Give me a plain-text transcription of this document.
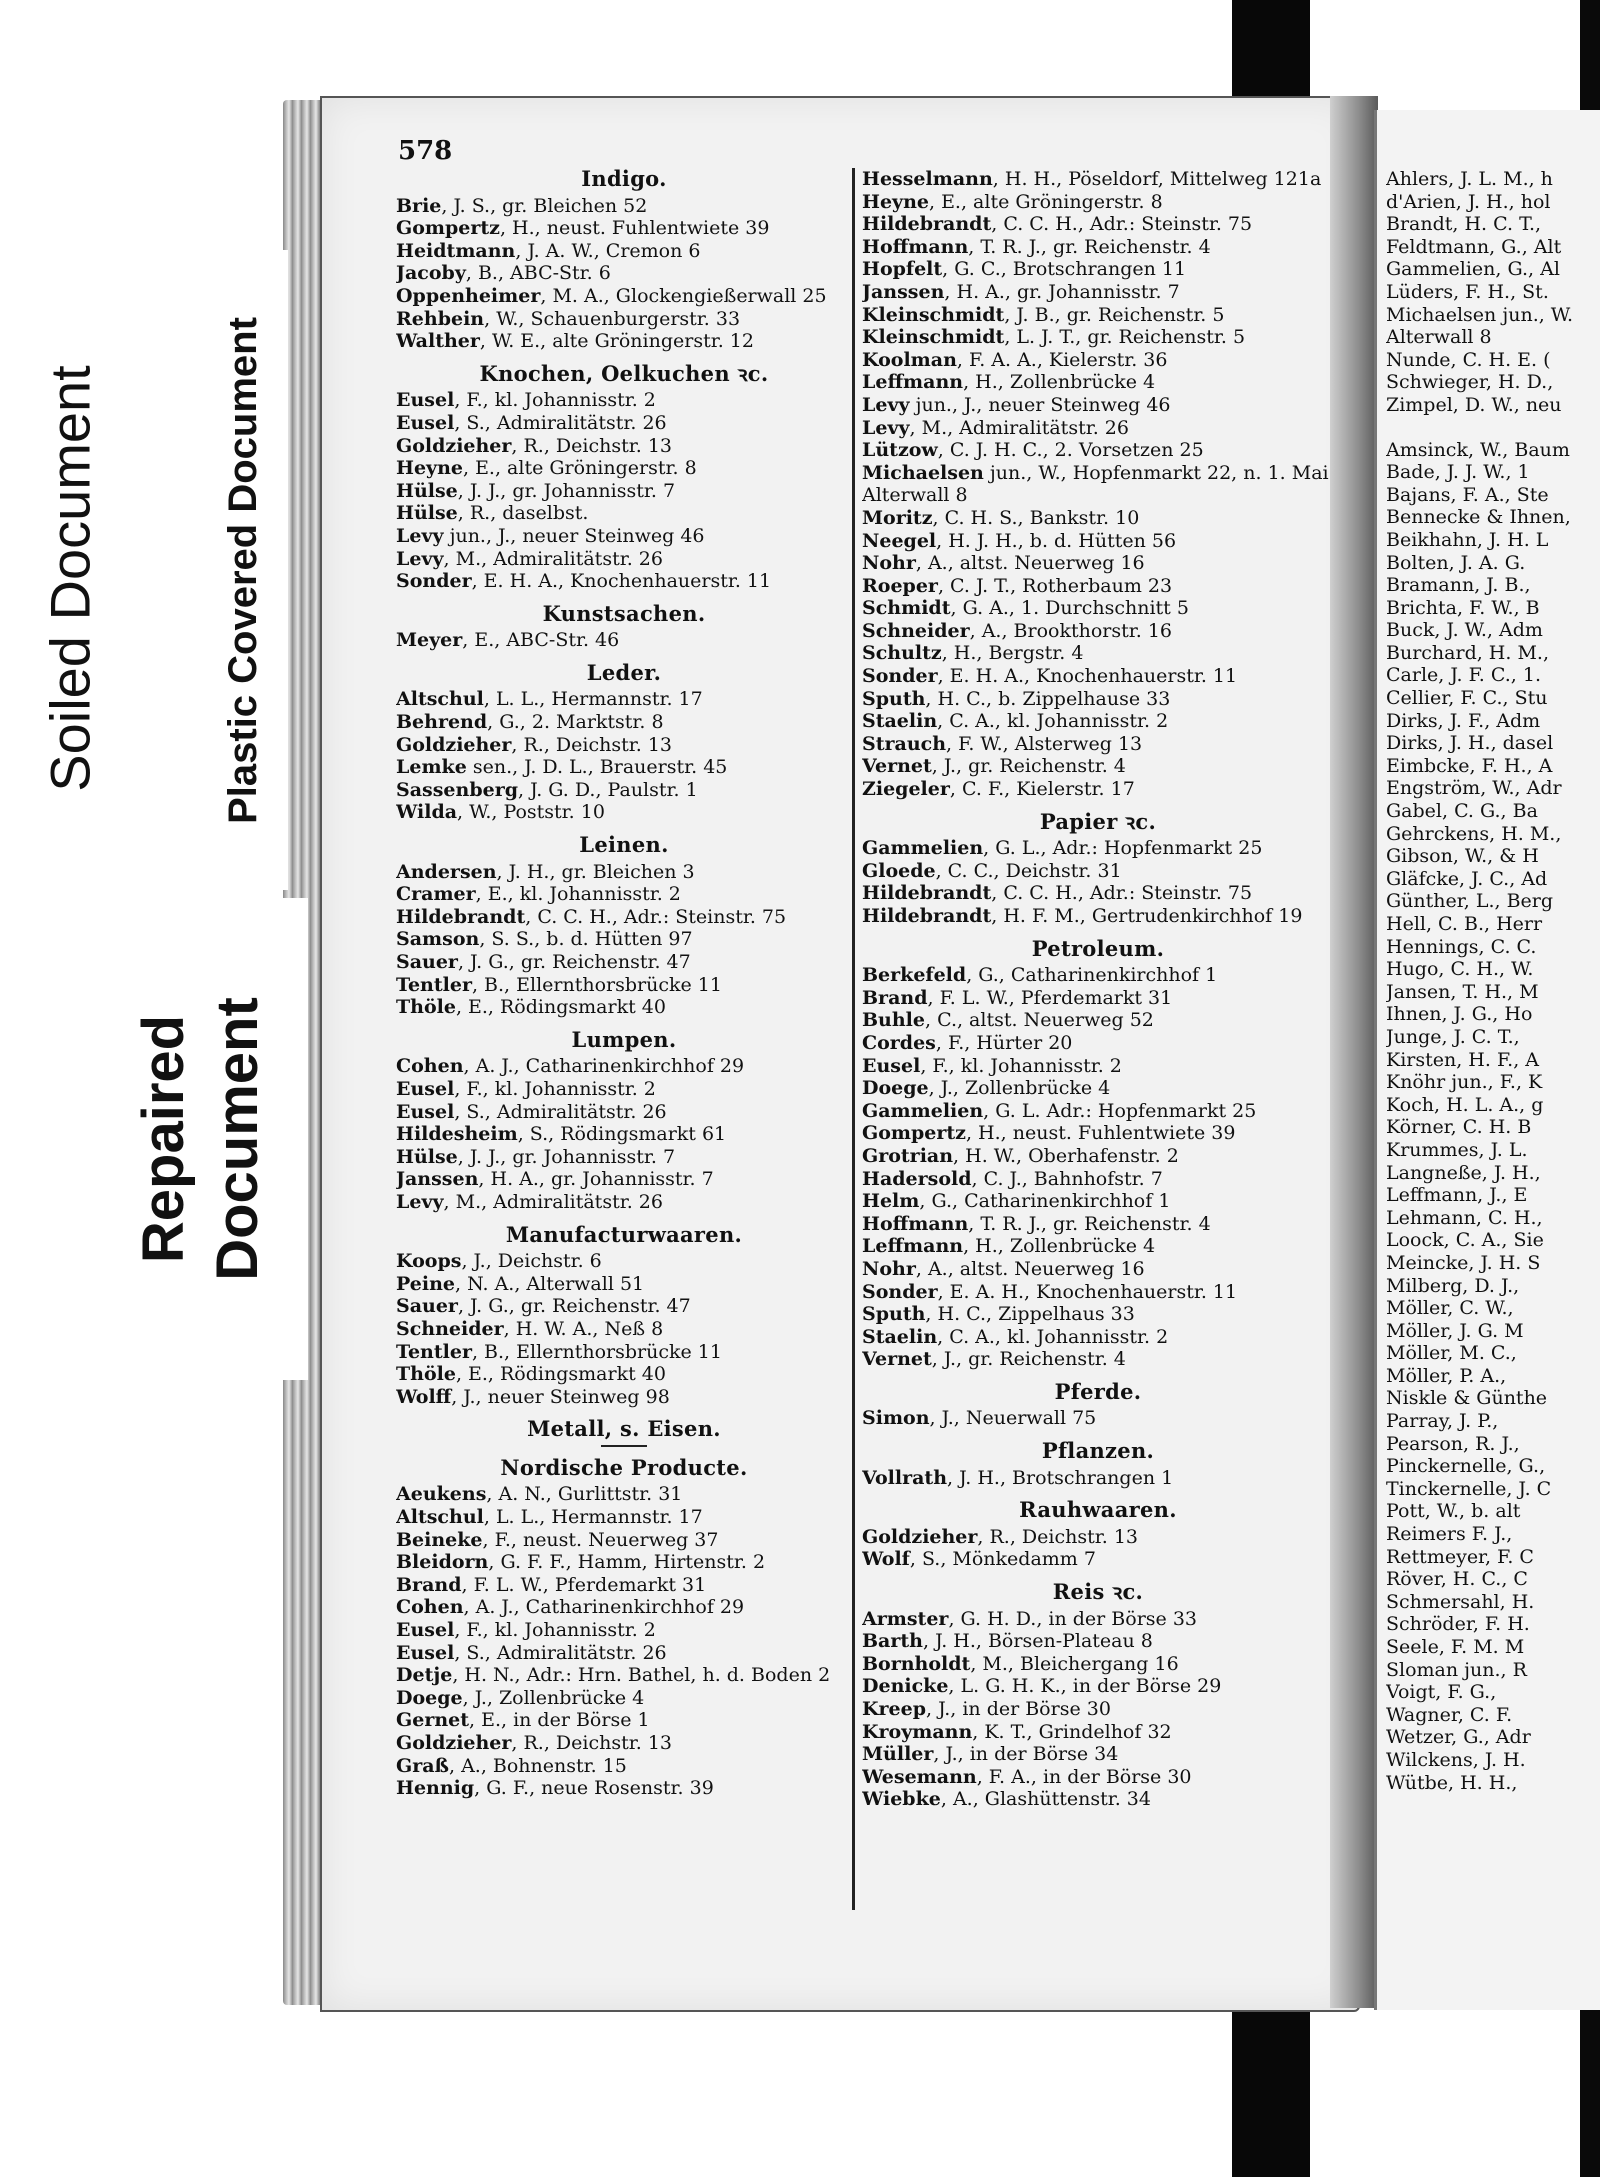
578
Indigo.
Brie, J. S., gr. Bleichen 52
Gompertz, H., neust. Fuhlentwiete 39
Heidtmann, J. A. W., Cremon 6
Jacoby, B., ABC-Str. 6
Oppenheimer, M. A., Glockengießerwall 25
Rehbein, W., Schauenburgerstr. 33
Walther, W. E., alte Gröningerstr. 12
Knochen, Oelkuchen ꝛc.
Eusel, F., kl. Johannisstr. 2
Eusel, S., Admiralitätstr. 26
Goldzieher, R., Deichstr. 13
Heyne, E., alte Gröningerstr. 8
Hülse, J. J., gr. Johannisstr. 7
Hülse, R., daselbst.
Levy jun., J., neuer Steinweg 46
Levy, M., Admiralitätstr. 26
Sonder, E. H. A., Knochenhauerstr. 11
Kunstsachen.
Meyer, E., ABC-Str. 46
Leder.
Altschul, L. L., Hermannstr. 17
Behrend, G., 2. Marktstr. 8
Goldzieher, R., Deichstr. 13
Lemke sen., J. D. L., Brauerstr. 45
Sassenberg, J. G. D., Paulstr. 1
Wilda, W., Poststr. 10
Leinen.
Andersen, J. H., gr. Bleichen 3
Cramer, E., kl. Johannisstr. 2
Hildebrandt, C. C. H., Adr.: Steinstr. 75
Samson, S. S., b. d. Hütten 97
Sauer, J. G., gr. Reichenstr. 47
Tentler, B., Ellernthorsbrücke 11
Thöle, E., Rödingsmarkt 40
Lumpen.
Cohen, A. J., Catharinenkirchhof 29
Eusel, F., kl. Johannisstr. 2
Eusel, S., Admiralitätstr. 26
Hildesheim, S., Rödingsmarkt 61
Hülse, J. J., gr. Johannisstr. 7
Janssen, H. A., gr. Johannisstr. 7
Levy, M., Admiralitätstr. 26
Manufacturwaaren.
Koops, J., Deichstr. 6
Peine, N. A., Alterwall 51
Sauer, J. G., gr. Reichenstr. 47
Schneider, H. W. A., Neß 8
Tentler, B., Ellernthorsbrücke 11
Thöle, E., Rödingsmarkt 40
Wolff, J., neuer Steinweg 98
Metall, s. Eisen.
Nordische Producte.
Aeukens, A. N., Gurlittstr. 31
Altschul, L. L., Hermannstr. 17
Beineke, F., neust. Neuerweg 37
Bleidorn, G. F. F., Hamm, Hirtenstr. 2
Brand, F. L. W., Pferdemarkt 31
Cohen, A. J., Catharinenkirchhof 29
Eusel, F., kl. Johannisstr. 2
Eusel, S., Admiralitätstr. 26
Detje, H. N., Adr.: Hrn. Bathel, h. d. Boden 2
Doege, J., Zollenbrücke 4
Gernet, E., in der Börse 1
Goldzieher, R., Deichstr. 13
Graß, A., Bohnenstr. 15
Hennig, G. F., neue Rosenstr. 39
Hesselmann, H. H., Pöseldorf, Mittelweg 121a
Heyne, E., alte Gröningerstr. 8
Hildebrandt, C. C. H., Adr.: Steinstr. 75
Hoffmann, T. R. J., gr. Reichenstr. 4
Hopfelt, G. C., Brotschrangen 11
Janssen, H. A., gr. Johannisstr. 7
Kleinschmidt, J. B., gr. Reichenstr. 5
Kleinschmidt, L. J. T., gr. Reichenstr. 5
Koolman, F. A. A., Kielerstr. 36
Leffmann, H., Zollenbrücke 4
Levy jun., J., neuer Steinweg 46
Levy, M., Admiralitätstr. 26
Lützow, C. J. H. C., 2. Vorsetzen 25
Michaelsen jun., W., Hopfenmarkt 22, n. 1. Mai
Alterwall 8
Moritz, C. H. S., Bankstr. 10
Neegel, H. J. H., b. d. Hütten 56
Nohr, A., altst. Neuerweg 16
Roeper, C. J. T., Rotherbaum 23
Schmidt, G. A., 1. Durchschnitt 5
Schneider, A., Brookthorstr. 16
Schultz, H., Bergstr. 4
Sonder, E. H. A., Knochenhauerstr. 11
Sputh, H. C., b. Zippelhause 33
Staelin, C. A., kl. Johannisstr. 2
Strauch, F. W., Alsterweg 13
Vernet, J., gr. Reichenstr. 4
Ziegeler, C. F., Kielerstr. 17
Papier ꝛc.
Gammelien, G. L., Adr.: Hopfenmarkt 25
Gloede, C. C., Deichstr. 31
Hildebrandt, C. C. H., Adr.: Steinstr. 75
Hildebrandt, H. F. M., Gertrudenkirchhof 19
Petroleum.
Berkefeld, G., Catharinenkirchhof 1
Brand, F. L. W., Pferdemarkt 31
Buhle, C., altst. Neuerweg 52
Cordes, F., Hürter 20
Eusel, F., kl. Johannisstr. 2
Doege, J., Zollenbrücke 4
Gammelien, G. L. Adr.: Hopfenmarkt 25
Gompertz, H., neust. Fuhlentwiete 39
Grotrian, H. W., Oberhafenstr. 2
Hadersold, C. J., Bahnhofstr. 7
Helm, G., Catharinenkirchhof 1
Hoffmann, T. R. J., gr. Reichenstr. 4
Leffmann, H., Zollenbrücke 4
Nohr, A., altst. Neuerweg 16
Sonder, E. A. H., Knochenhauerstr. 11
Sputh, H. C., Zippelhaus 33
Staelin, C. A., kl. Johannisstr. 2
Vernet, J., gr. Reichenstr. 4
Pferde.
Simon, J., Neuerwall 75
Pflanzen.
Vollrath, J. H., Brotschrangen 1
Rauhwaaren.
Goldzieher, R., Deichstr. 13
Wolf, S., Mönkedamm 7
Reis ꝛc.
Armster, G. H. D., in der Börse 33
Barth, J. H., Börsen-Plateau 8
Bornholdt, M., Bleichergang 16
Denicke, L. G. H. K., in der Börse 29
Kreep, J., in der Börse 30
Kroymann, K. T., Grindelhof 32
Müller, J., in der Börse 34
Wesemann, F. A., in der Börse 30
Wiebke, A., Glashüttenstr. 34
Ahlers, J. L. M., h
d'Arien, J. H., hol
Brandt, H. C. T.,
Feldtmann, G., Alt
Gammelien, G., Al
Lüders, F. H., St.
Michaelsen jun., W.
Alterwall 8
Nunde, C. H. E. (
Schwieger, H. D.,
Zimpel, D. W., neu
Amsinck, W., Baum
Bade, J. J. W., 1
Bajans, F. A., Ste
Bennecke & Ihnen,
Beikhahn, J. H. L
Bolten, J. A. G.
Bramann, J. B.,
Brichta, F. W., B
Buck, J. W., Adm
Burchard, H. M.,
Carle, J. F. C., 1.
Cellier, F. C., Stu
Dirks, J. F., Adm
Dirks, J. H., dasel
Eimbcke, F. H., A
Engström, W., Adr
Gabel, C. G., Ba
Gehrckens, H. M.,
Gibson, W., & H
Gläfcke, J. C., Ad
Günther, L., Berg
Hell, C. B., Herr
Hennings, C. C.
Hugo, C. H., W.
Jansen, T. H., M
Ihnen, J. G., Ho
Junge, J. C. T.,
Kirsten, H. F., A
Knöhr jun., F., K
Koch, H. L. A., g
Körner, C. H. B
Krummes, J. L.
Langneße, J. H.,
Leffmann, J., E
Lehmann, C. H.,
Loock, C. A., Sie
Meincke, J. H. S
Milberg, D. J.,
Möller, C. W.,
Möller, J. G. M
Möller, M. C.,
Möller, P. A.,
Niskle & Günthe
Parray, J. P.,
Pearson, R. J.,
Pinckernelle, G.,
Tinckernelle, J. C
Pott, W., b. alt
Reimers F. J.,
Rettmeyer, F. C
Röver, H. C., C
Schmersahl, H.
Schröder, F. H.
Seele, F. M. M
Sloman jun., R
Voigt, F. G.,
Wagner, C. F.
Wetzer, G., Adr
Wilckens, J. H.
Wütbe, H. H.,
Soiled Document	Plastic Covered Document
Repaired Document
